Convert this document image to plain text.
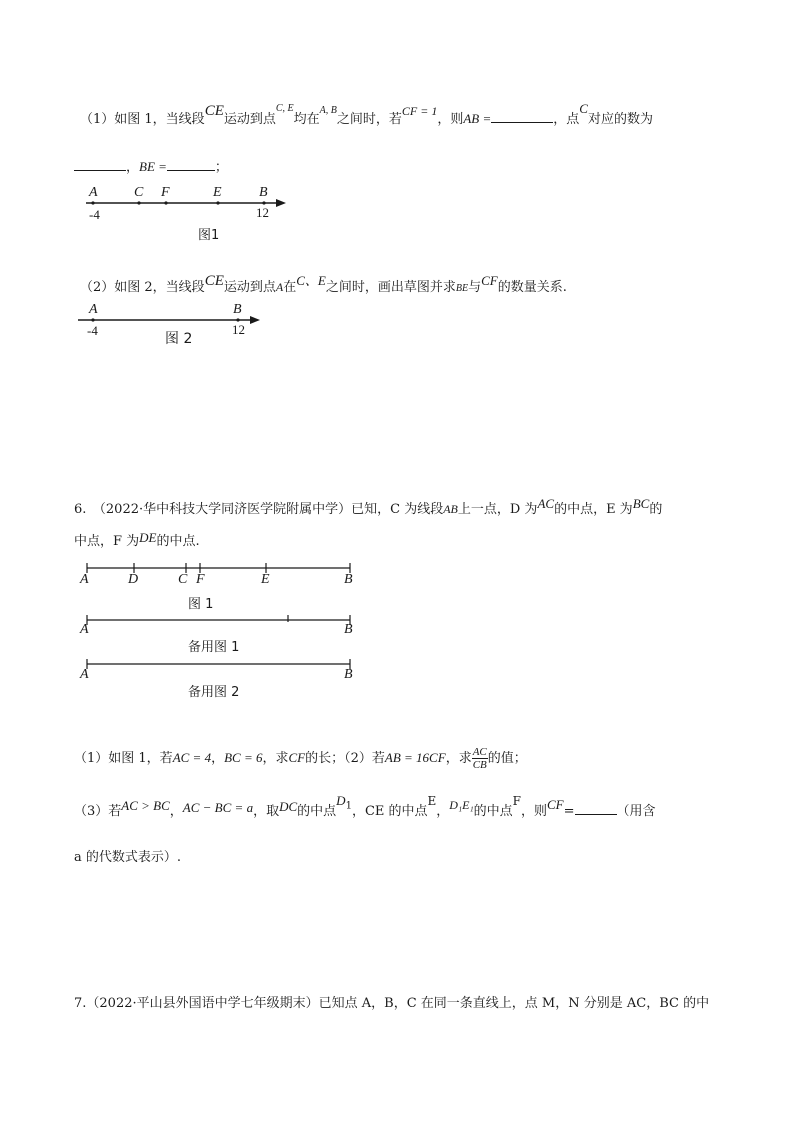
（1）如图 1，当线段CE运动到点$^{C, E}$均在$^{A, B}$之间时，若CF = 1，则AB =	，点C对应的数为
，BE =	；
A	C F	E	B
-4	12
图1
（2）如图 2，当线段CE运动到点A在C、E之间时，画出草图并求BE与CF的数量关系.
A	B
-4	12
图 2
6.　（2022·华中科技大学同济医学院附属中学）已知，C 为线段AB上一点，D 为AC的中点，E 为BC的
中点，F 为DE的中点.
A	D	C F	E	B
图 1
A	B
备用图 1
A	B
备用图 2
（1）如图 1，若AC = 4，BC = 6，求CF的长；（2）若AB = 16CF，求 $\frac{AC}{CB}$ 的值；
（3）若AC > BC，AC − BC = a，取DC的中点$D_1$，CE 的中点E，D₁E₁的中点F，则CF=	（用含
a 的代数式表示）.
7.（2022·平山县外国语中学七年级期末）已知点 A，B，C 在同一条直线上，点 M，N 分别是 AC，BC 的中
